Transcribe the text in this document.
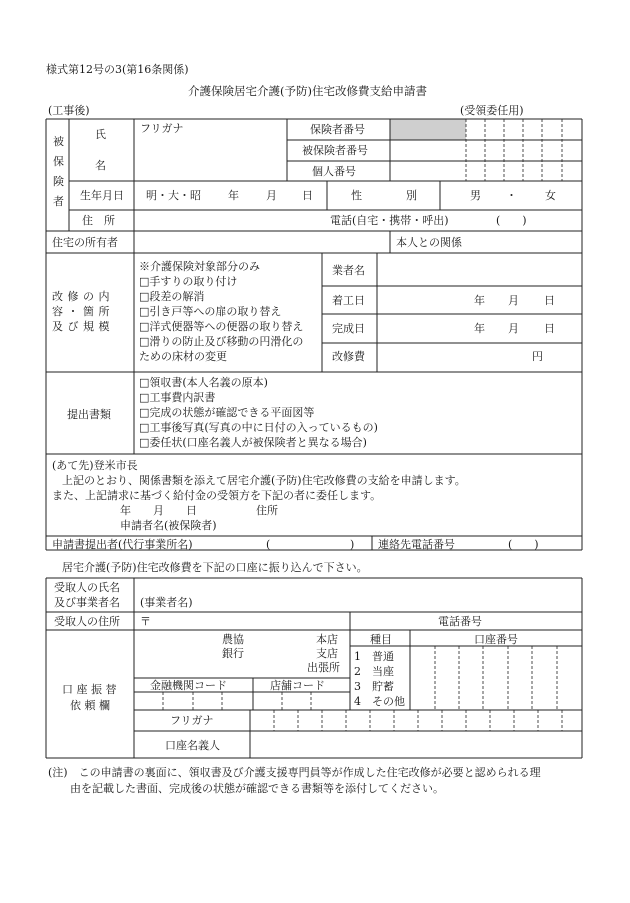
様式第12号の3(第16条関係)
介護保険居宅介護(予防)住宅改修費支給申請書
(工事後)	(受領委任用)
被
保
険
者
氏
名
フリガナ	保険者番号
被保険者番号
個人番号
生年月日 明・大・昭 年 月 日	性	別	男 ・	女
住　所	電話(自宅・携帯・呼出)	(　　)
住宅の所有者	本人との関係
改 修 の 内
容 ・ 箇 所
及 び 規 模
※介護保険対象部分のみ
□手すりの取り付け
□段差の解消
□引き戸等への扉の取り替え
□洋式便器等への便器の取り替え
□滑りの防止及び移動の円滑化の
ための床材の変更
業者名
着工日	年 月 日
完成日	年 月 日
改修費	円
提出書類
□領収書(本人名義の原本)
□工事費内訳書
□完成の状態が確認できる平面図等
□工事後写真(写真の中に日付の入っているもの)
□委任状(口座名義人が被保険者と異なる場合)
(あて先)登米市長
上記のとおり、関係書類を添えて居宅介護(予防)住宅改修費の支給を申請します。
また、上記請求に基づく給付金の受領方を下記の者に委任します。
年　　月　　日	住所
申請者名(被保険者)
申請書提出者(代行事業所名)	(	) 連絡先電話番号	(　　)
居宅介護(予防)住宅改修費を下記の口座に振り込んで下さい。
受取人の氏名
及び事業者名 (事業者名)
受取人の住所 〒	電話番号
口 座 振 替
依 頼 欄
農協
銀行
本店
支店
出張所
種目	口座番号
1　普通
2　当座
3　貯蓄
4　その他
金融機関コード	店舗コード
フリガナ
口座名義人
(注)　この申請書の裏面に、領収書及び介護支援専門員等が作成した住宅改修が必要と認められる理
由を記載した書面、完成後の状態が確認できる書類等を添付してください。
